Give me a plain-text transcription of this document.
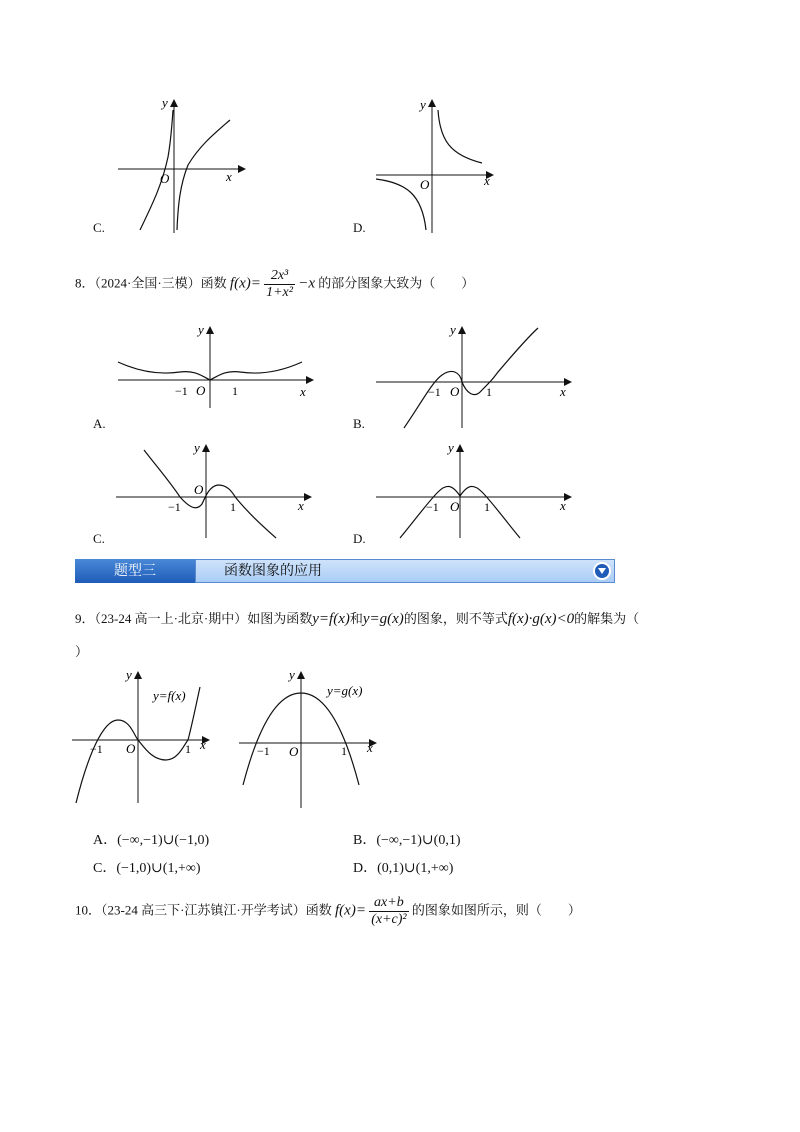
y
x
O
C.
y
x
O
D.
8．（2024·全国·三模）函数 $f(x)= \frac{\text{2x³}}{\text{1+x²}} -x$ 的部分图象大致为（　　）
y
x
O
−1	1
A.
y
x
O
−1	1
B.
y
x
O
−1	1
C.
y
x
O
−1	1
D.
题型三	函数图象的应用
9．（23-24 高一上·北京·期中）如图为函数y=f(x)和y=g(x)的图象，则不等式f(x)·g(x)<0的解集为（
）
y
x
O
−1	1
y=f(x)
y
x
O
−1	1
y=g(x)
A．(−∞,−1)∪(−1,0)	B．(−∞,−1)∪(0,1)
C．(−1,0)∪(1,+∞)	D．(0,1)∪(1,+∞)
10．（23-24 高三下·江苏镇江·开学考试）函数 $f(x)= \frac{ax+b}{\text{(x+c)²}}$ 的图象如图所示，则（　　）
